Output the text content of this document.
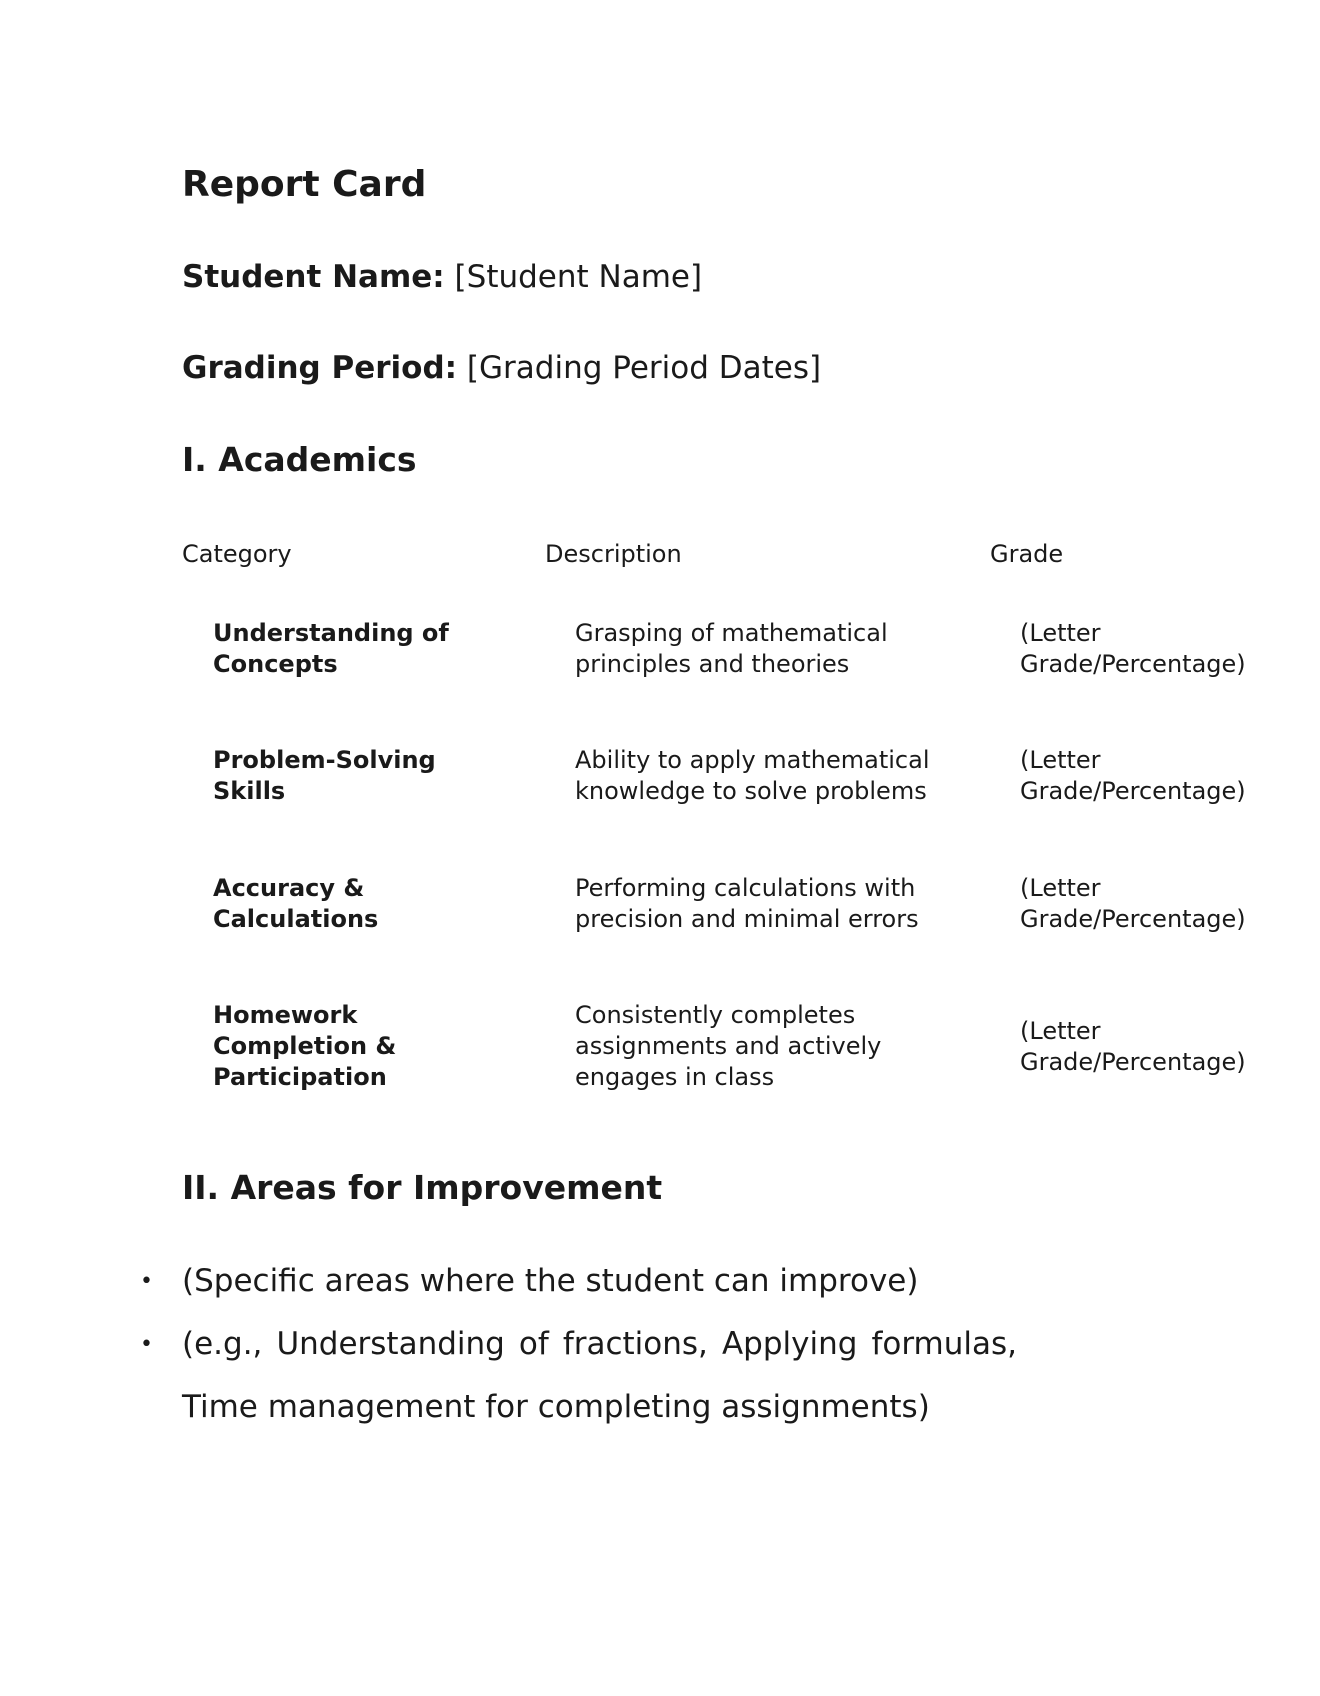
Report Card

Student Name: [Student Name]

Grading Period: [Grading Period Dates]

I. Academics
Category	Description	Grade
Understanding of Concepts
Grasping of mathematical principles and theories
(Letter
Grade/Percentage)
Problem-Solving Skills
Ability to apply mathematical knowledge to solve problems
(Letter
Grade/Percentage)
Accuracy & Calculations
Performing calculations with precision and minimal errors
(Letter
Grade/Percentage)
Homework Completion & Participation
Consistently completes assignments and actively engages in class
(Letter
Grade/Percentage)
II. Areas for Improvement
• (Specific areas where the student can improve)
• (e.g., Understanding of fractions, Applying formulas, Time management for completing assignments)
